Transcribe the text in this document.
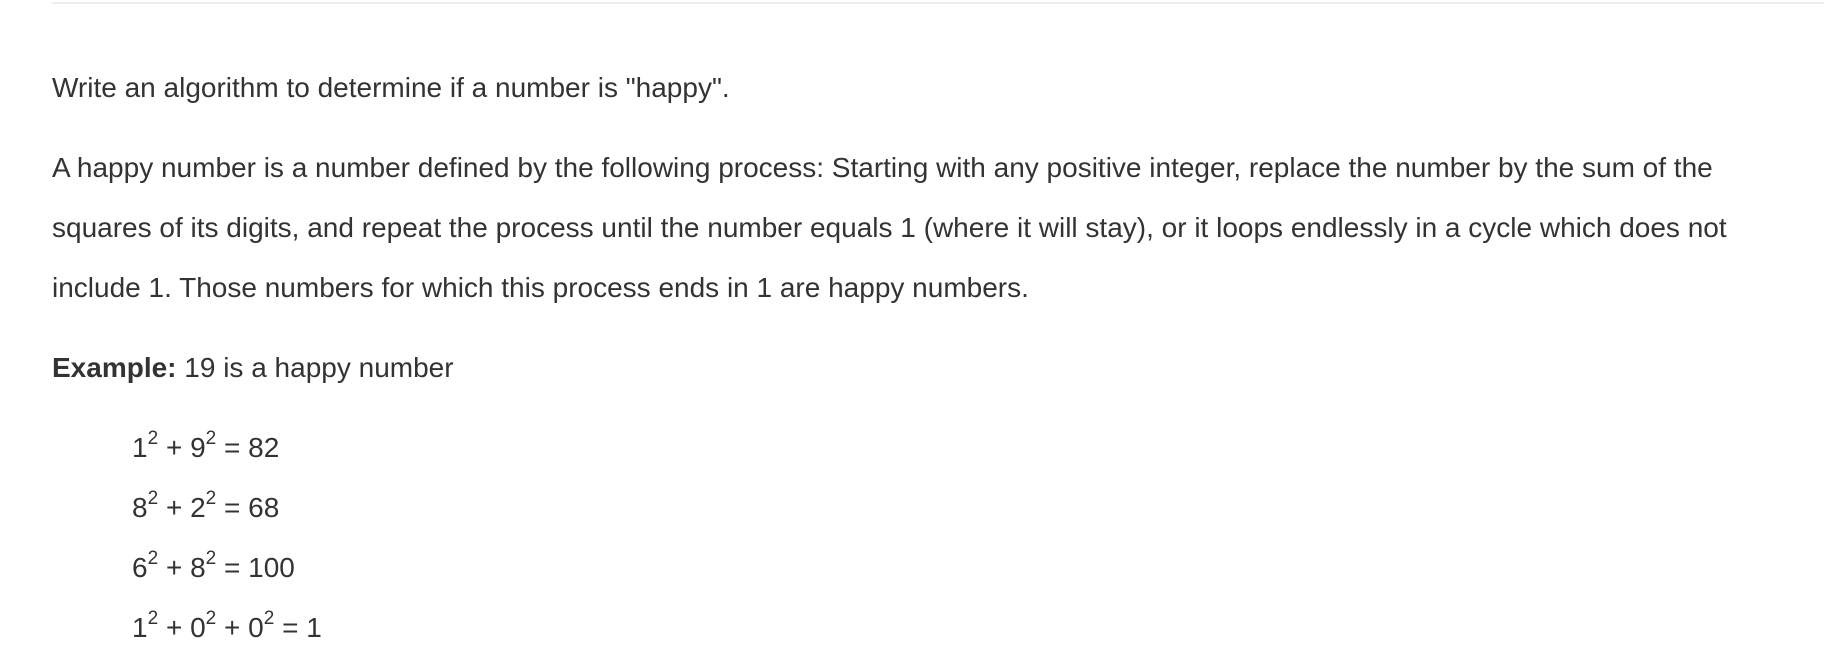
Write an algorithm to determine if a number is "happy".

A happy number is a number defined by the following process: Starting with any positive integer, replace the number by the sum of the squares of its digits, and repeat the process until the number equals 1 (where it will stay), or it loops endlessly in a cycle which does not include 1. Those numbers for which this process ends in 1 are happy numbers.

Example: 19 is a happy number

$1^2 + 9^2 = 82$
$8^2 + 2^2 = 68$
$6^2 + 8^2 = 100$
$1^2 + 0^2 + 0^2 = 1$
